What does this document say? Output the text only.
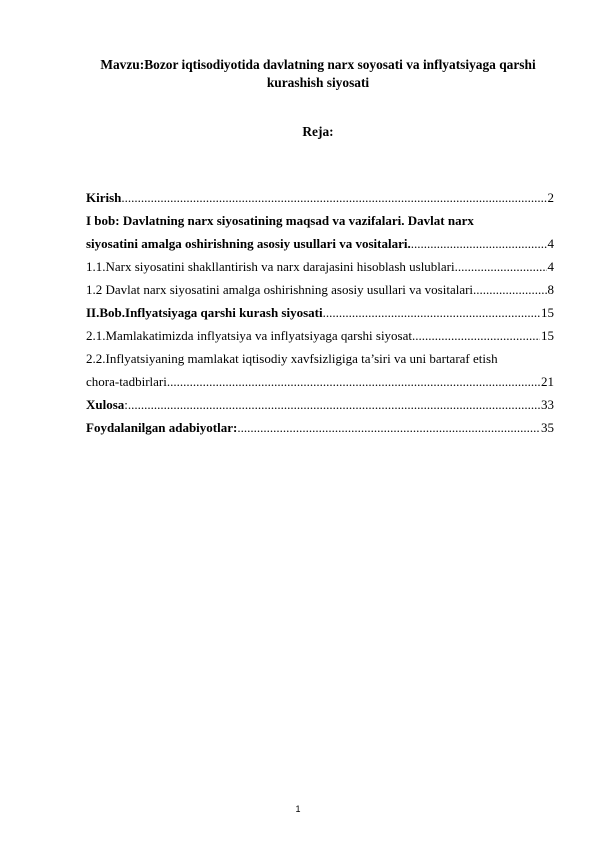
Mavzu:Bozor iqtisodiyotida davlatning narx soyosati va inflyatsiyaga qarshi kurashish siyosati
Reja:
Kirish .....	2
I bob: Davlatning narx siyosatining maqsad va vazifalari. Davlat narx
siyosatini amalga oshirishning asosiy usullari va vositalari. .....	4
1.1.Narx siyosatini shakllantirish va narx darajasini hisoblash uslublari .....	4
1.2 Davlat narx siyosatini amalga oshirishning asosiy usullari va vositalari .....	8
II.Bob.Inflyatsiyaga qarshi kurash siyosati .....	15
2.1.Mamlakatimizda inflyatsiya va inflyatsiyaga qarshi siyosat .....	15
2.2.Inflyatsiyaning mamlakat iqtisodiy xavfsizligiga ta’siri va uni bartaraf etish
chora-tadbirlari .....	21
Xulosa : .....	33
Foydalanilgan adabiyotlar: .....	35
1
